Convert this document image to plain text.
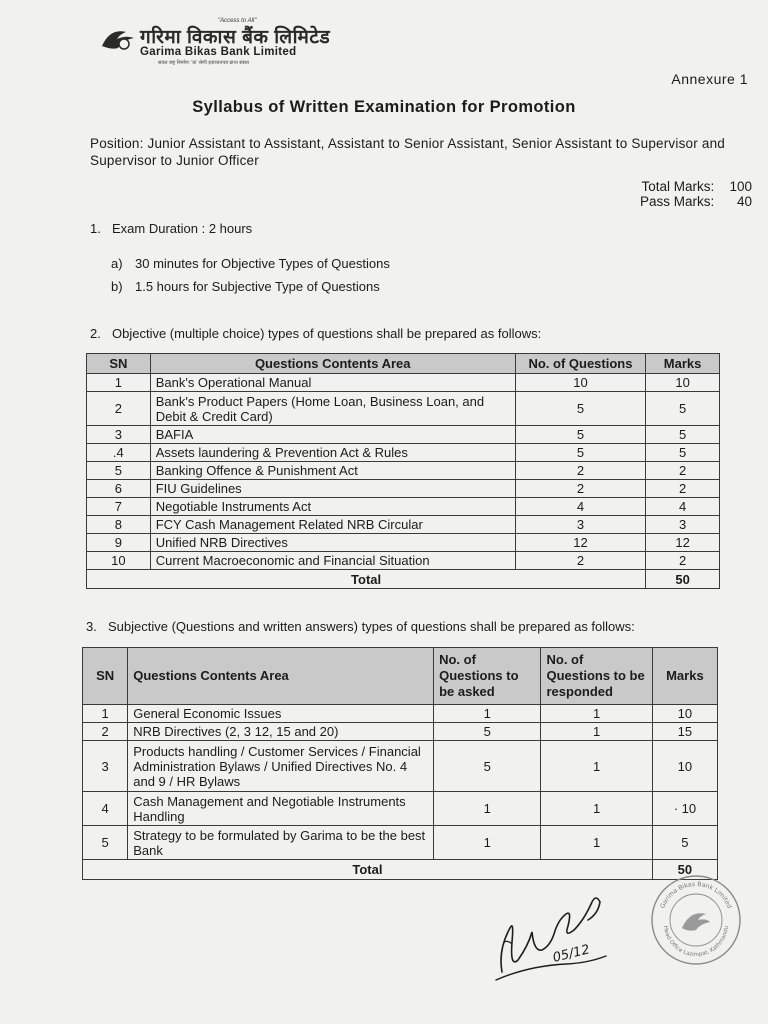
"Access to All"
गरिमा विकास बैंक लिमिटेड
Garima Bikas Bank Limited
सवल राष्ट्र निर्माण: 'क' श्रेणी इजाजतपत्र प्राप्त संस्था
Annexure 1
Syllabus of Written Examination for Promotion
Position: Junior Assistant to Assistant, Assistant to Senior Assistant, Senior Assistant to Supervisor and Supervisor to Junior Officer
Total Marks: 100
Pass Marks: 40
1. Exam Duration : 2 hours
a) 30 minutes for Objective Types of Questions
b) 1.5 hours for Subjective Type of Questions
2. Objective (multiple choice) types of questions shall be prepared as follows:
SN	Questions Contents Area	No. of Questions	Marks
1	Bank's Operational Manual	10	10
2	Bank's Product Papers (Home Loan, Business Loan, and Debit & Credit Card)	5	5
3	BAFIA	5	5
.4	Assets laundering & Prevention Act & Rules	5	5
5	Banking Offence & Punishment Act	2	2
6	FIU Guidelines	2	2
7	Negotiable Instruments Act	4	4
8	FCY Cash Management Related NRB Circular	3	3
9	Unified NRB Directives	12	12
10	Current Macroeconomic and Financial Situation	2	2
Total			50
3. Subjective (Questions and written answers) types of questions shall be prepared as follows:
SN	Questions Contents Area	No. of Questions to be asked	No. of Questions to be responded	Marks
1	General Economic Issues	1	1	10
2	NRB Directives (2, 3 12, 15 and 20)	5	1	15
3	Products handling / Customer Services / Financial Administration Bylaws / Unified Directives No. 4 and 9 / HR Bylaws	5	1	10
4	Cash Management and Negotiable Instruments Handling	1	1	· 10
5	Strategy to be formulated by Garima to be the best Bank	1	1	5
Total				50
05/12
Garima Bikas Bank Limited
Head Office Lazimpat, Kathmandu
